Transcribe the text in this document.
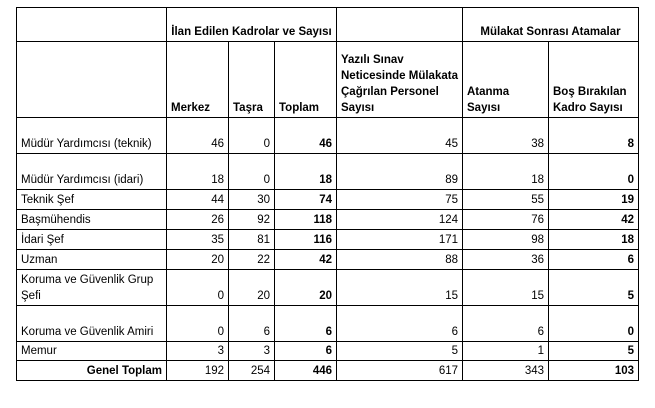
	İlan Edilen Kadrolar ve Sayısı				Mülakat Sonrası Atamalar	
	Merkez	Taşra	Toplam	Yazılı Sınav Neticesinde Mülakata Çağrılan Personel Sayısı	Atanma Sayısı	Boş Bırakılan Kadro Sayısı
Müdür Yardımcısı (teknik)	46	0	46	45	38	8
Müdür Yardımcısı (idari)	18	0	18	89	18	0
Teknik Şef	44	30	74	75	55	19
Başmühendis	26	92	118	124	76	42
İdari Şef	35	81	116	171	98	18
Uzman	20	22	42	88	36	6
Koruma ve Güvenlik Grup Şefi	0	20	20	15	15	5
Koruma ve Güvenlik Amiri	0	6	6	6	6	0
Memur	3	3	6	5	1	5
Genel Toplam	192	254	446	617	343	103
